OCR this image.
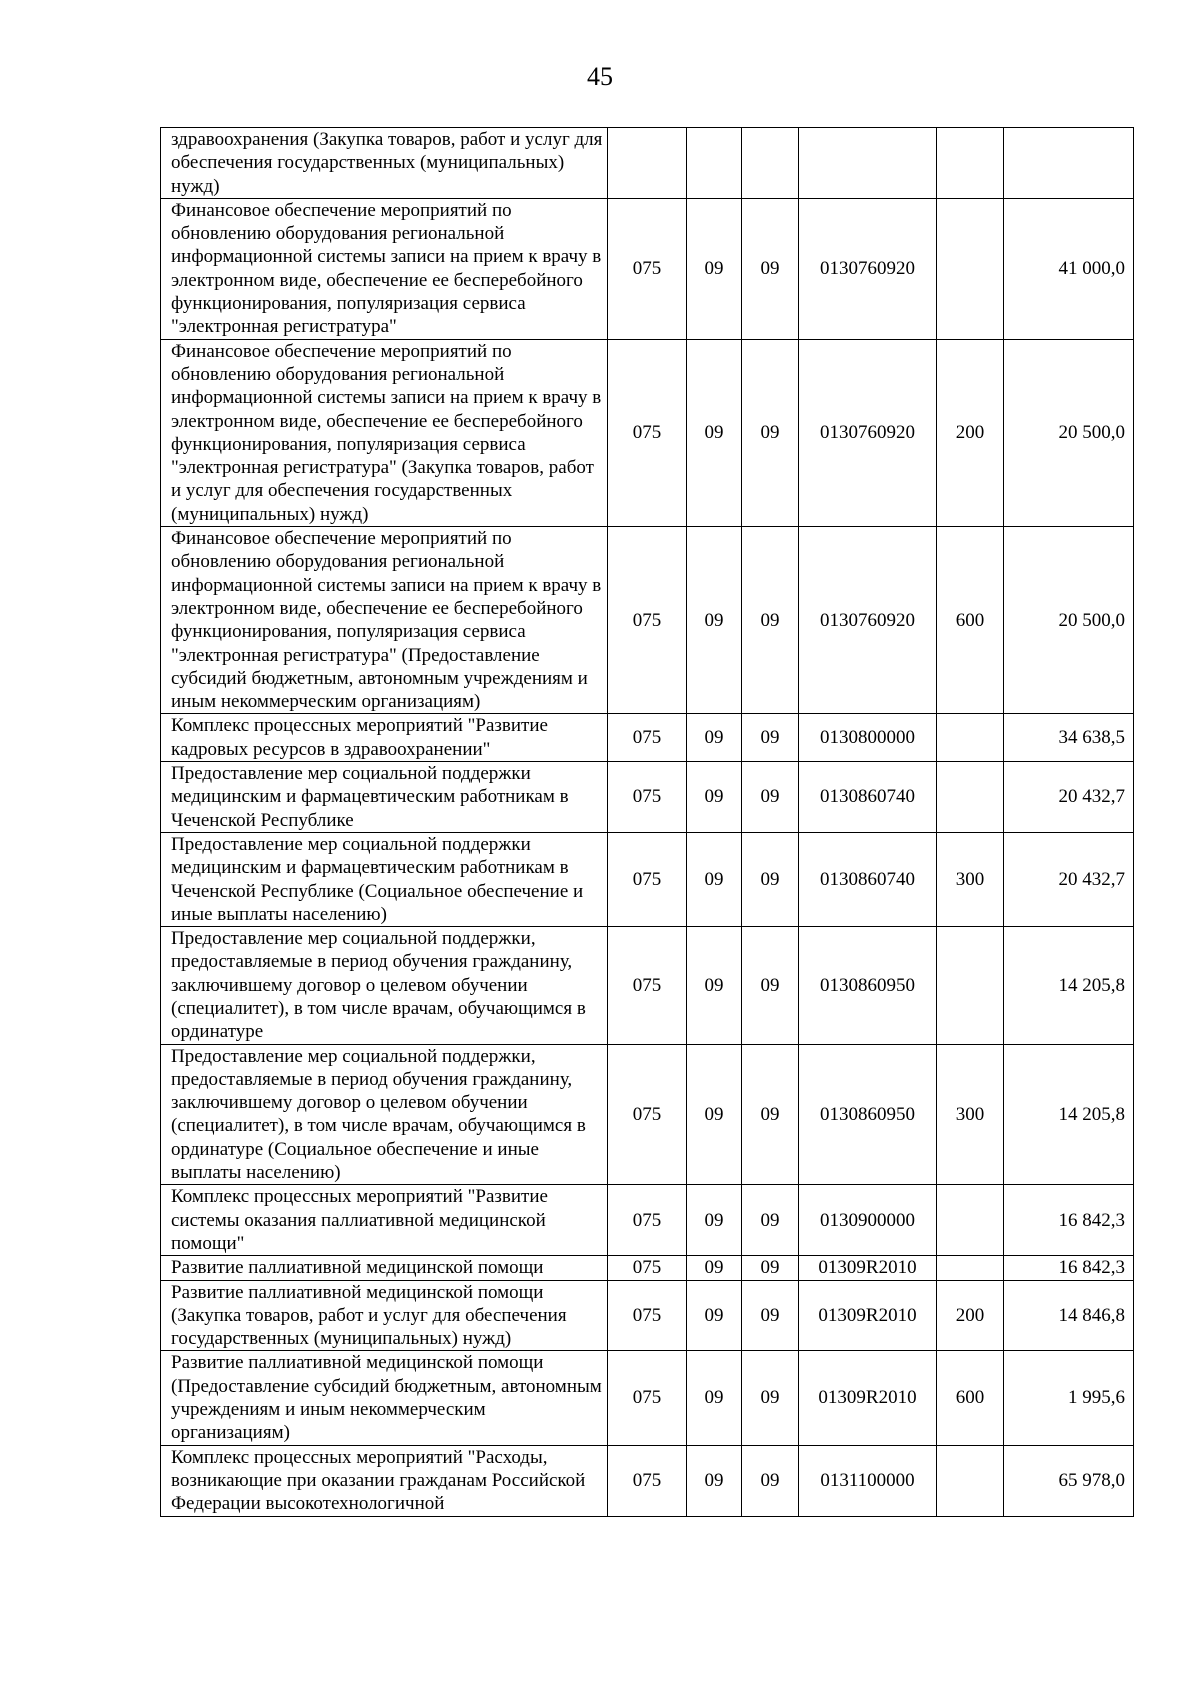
45
здравоохранения (Закупка товаров, работ и услуг для обеспечения государственных (муниципальных) нужд)						
Финансовое обеспечение мероприятий по обновлению оборудования региональной информационной системы записи на прием к врачу в электронном виде, обеспечение ее бесперебойного функционирования, популяризация сервиса "электронная регистратура"	075	09	09	0130760920		41 000,0
Финансовое обеспечение мероприятий по обновлению оборудования региональной информационной системы записи на прием к врачу в электронном виде, обеспечение ее бесперебойного функционирования, популяризация сервиса "электронная регистратура" (Закупка товаров, работ и услуг для обеспечения государственных (муниципальных) нужд)	075	09	09	0130760920	200	20 500,0
Финансовое обеспечение мероприятий по обновлению оборудования региональной информационной системы записи на прием к врачу в электронном виде, обеспечение ее бесперебойного функционирования, популяризация сервиса "электронная регистратура" (Предоставление субсидий бюджетным, автономным учреждениям и иным некоммерческим организациям)	075	09	09	0130760920	600	20 500,0
Комплекс процессных мероприятий "Развитие кадровых ресурсов в здравоохранении"	075	09	09	0130800000		34 638,5
Предоставление мер социальной поддержки медицинским и фармацевтическим работникам в Чеченской Республике	075	09	09	0130860740		20 432,7
Предоставление мер социальной поддержки медицинским и фармацевтическим работникам в Чеченской Республике (Социальное обеспечение и иные выплаты населению)	075	09	09	0130860740	300	20 432,7
Предоставление мер социальной поддержки, предоставляемые в период обучения гражданину, заключившему договор о целевом обучении (специалитет), в том числе врачам, обучающимся в ординатуре	075	09	09	0130860950		14 205,8
Предоставление мер социальной поддержки, предоставляемые в период обучения гражданину, заключившему договор о целевом обучении (специалитет), в том числе врачам, обучающимся в ординатуре (Социальное обеспечение и иные выплаты населению)	075	09	09	0130860950	300	14 205,8
Комплекс процессных мероприятий "Развитие системы оказания паллиативной медицинской помощи"	075	09	09	0130900000		16 842,3
Развитие паллиативной медицинской помощи	075	09	09	01309R2010		16 842,3
Развитие паллиативной медицинской помощи (Закупка товаров, работ и услуг для обеспечения государственных (муниципальных) нужд)	075	09	09	01309R2010	200	14 846,8
Развитие паллиативной медицинской помощи (Предоставление субсидий бюджетным, автономным учреждениям и иным некоммерческим организациям)	075	09	09	01309R2010	600	1 995,6
Комплекс процессных мероприятий "Расходы, возникающие при оказании гражданам Российской Федерации высокотехнологичной	075	09	09	0131100000		65 978,0
